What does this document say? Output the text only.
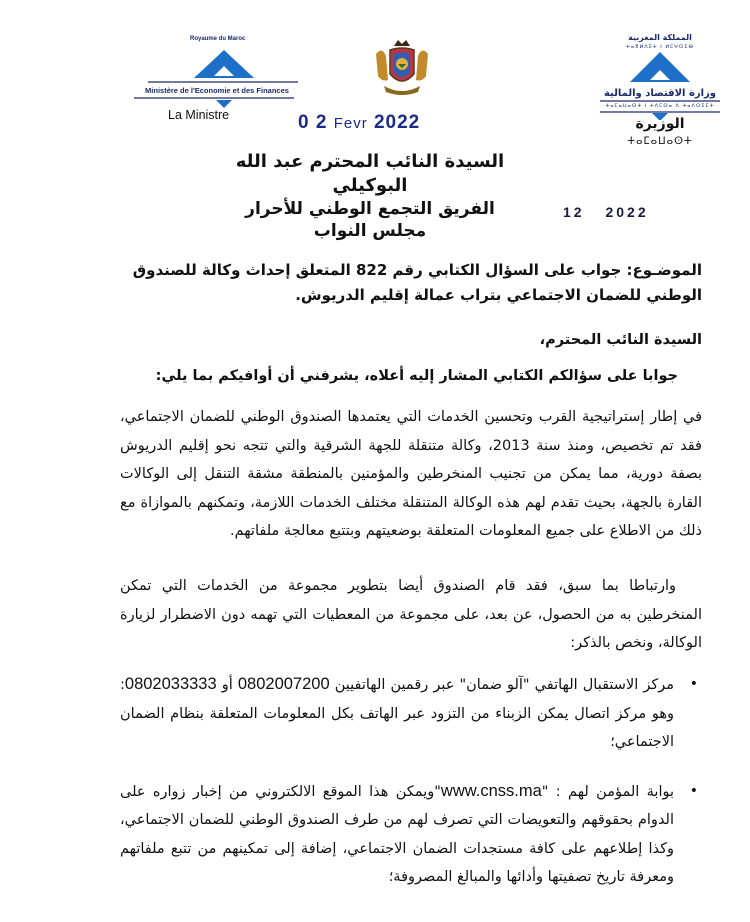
Royaume du Maroc
Ministère de l'Economie et des Finances
La Ministre	0 2 Fevr 2022
المملكة المغربية
ⵜⴰⴳⵍⴷⵉⵜ ⵏ ⵍⵎⵖⵔⵉⴱ
وزارة الاقتصاد والمالية
ⵜⴰⵎⴰⵡⴰⵙⵜ ⵏ ⵜⴷⵎⵙⴰ ⴷ ⵜⴰⴷⵔⵉⵎⵜ
الوزيرة
ⵜⴰⵎⴰⵡⴰⵙⵜ
السيدة النائب المحترم عبد الله البوكيلي
الفريق التجمع الوطني للأحرار
مجلس النواب
12 2022
الموضـوع: جواب على السؤال الكتابي رقم 822 المتعلق إحداث وكالة للصندوق الوطني للضمان الاجتماعي بتراب عمالة إقليم الدريوش.
السيدة النائب المحترم،
جوابا على سؤالكم الكتابي المشار إليه أعلاه، يشرفني أن أوافيكم بما يلي:
في إطار إستراتيجية القرب وتحسين الخدمات التي يعتمدها الصندوق الوطني للضمان الاجتماعي، فقد تم تخصيص، ومنذ سنة 2013، وكالة متنقلة للجهة الشرقية والتي تتجه نحو إقليم الدريوش بصفة دورية، مما يمكن من تجنيب المنخرطين والمؤمنين بالمنطقة مشقة التنقل إلى الوكالات القارة بالجهة، بحيث تقدم لهم هذه الوكالة المتنقلة مختلف الخدمات اللازمة، وتمكنهم بالموازاة مع ذلك من الاطلاع على جميع المعلومات المتعلقة بوضعيتهم وبتتبع معالجة ملفاتهم.
وارتباطا بما سبق، فقد قام الصندوق أيضا بتطوير مجموعة من الخدمات التي تمكن المنخرطين به من الحصول، عن بعد، على مجموعة من المعطيات التي تهمه دون الاضطرار لزيارة الوكالة، ونخص بالذكر:
•
مركز الاستقبال الهاتفي "آلو ضمان" عبر رقمين الهاتفيين 0802007200 أو 0802033333: وهو مركز اتصال يمكن الزبناء من التزود عبر الهاتف بكل المعلومات المتعلقة بنظام الضمان الاجتماعي؛
•
بوابة المؤمن لهم : "www.cnss.ma"ويمكن هذا الموقع الالكتروني من إخبار زواره على الدوام بحقوقهم والتعويضات التي تصرف لهم من طرف الصندوق الوطني للضمان الاجتماعي، وكذا إطلاعهم على كافة مستجدات الضمان الاجتماعي، إضافة إلى تمكينهم من تتبع ملفاتهم ومعرفة تاريخ تصفيتها وأدائها والمبالغ المصروفة؛
